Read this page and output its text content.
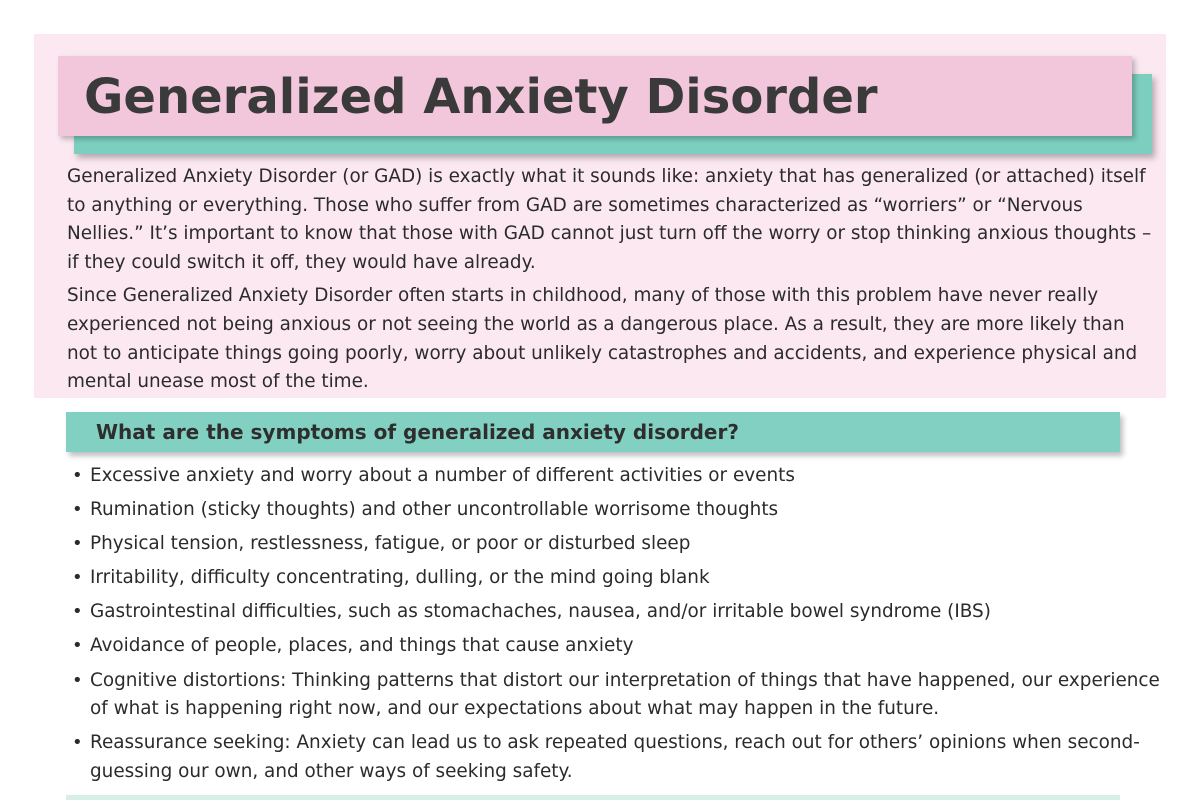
Generalized Anxiety Disorder

Generalized Anxiety Disorder (or GAD) is exactly what it sounds like: anxiety that has generalized (or attached) itself to anything or everything. Those who suffer from GAD are sometimes characterized as “worriers” or “Nervous Nellies.” It’s important to know that those with GAD cannot just turn off the worry or stop thinking anxious thoughts – if they could switch it off, they would have already.

Since Generalized Anxiety Disorder often starts in childhood, many of those with this problem have never really experienced not being anxious or not seeing the world as a dangerous place. As a result, they are more likely than not to anticipate things going poorly, worry about unlikely catastrophes and accidents, and experience physical and mental unease most of the time.

What are the symptoms of generalized anxiety disorder?
• Excessive anxiety and worry about a number of different activities or events
• Rumination (sticky thoughts) and other uncontrollable worrisome thoughts
• Physical tension, restlessness, fatigue, or poor or disturbed sleep
• Irritability, difficulty concentrating, dulling, or the mind going blank
• Gastrointestinal difficulties, such as stomachaches, nausea, and/or irritable bowel syndrome (IBS)
• Avoidance of people, places, and things that cause anxiety
• Cognitive distortions: Thinking patterns that distort our interpretation of things that have happened, our experience of what is happening right now, and our expectations about what may happen in the future.
• Reassurance seeking: Anxiety can lead us to ask repeated questions, reach out for others’ opinions when second-guessing our own, and other ways of seeking safety.
